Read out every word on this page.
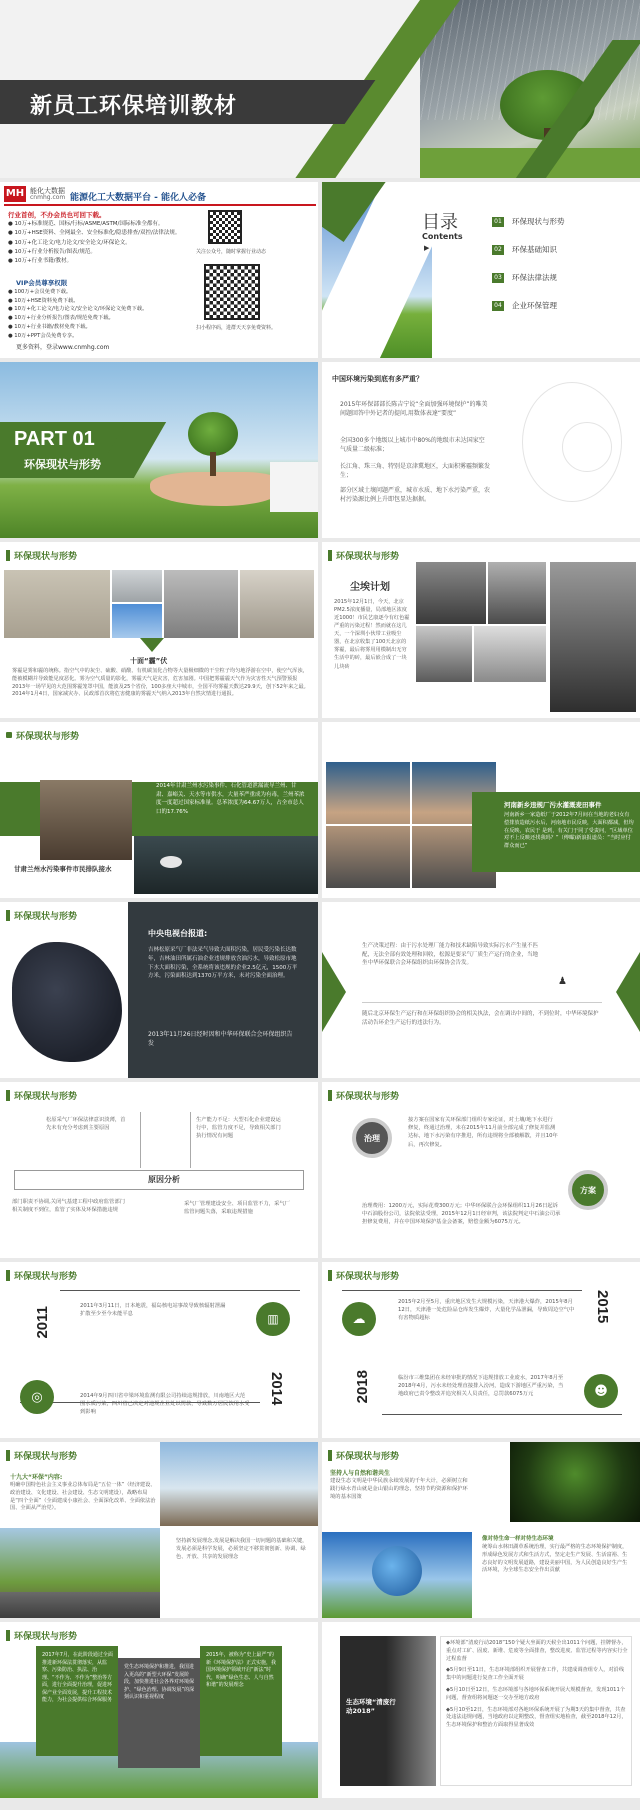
新员工环保培训教材
MH 能化大数据
cnmhg.com 能源化工大数据平台 - 能化人必备
行业首创，不办会员也可回下载。
● 10万+标准规范、国标/行标/ASME/ASTM/国际标准全都有。
● 10万+HSE资料、全网最全、安全标准化/隐患排查/双控/法律法规。
● 10万+化工论文/电力论文/安全论文/环保论文。
● 10万+行业分析报告/图表/规范。
● 10万+行业书籍/教材。
VIP会员尊享权限
● 100万+会员免费下载。
● 10万+HSE资料免费下载。
● 10万+化工论文/电力论文/安全论文/环保论文免费下载。
● 10万+行业分析报告/图表/规范免费下载。
● 10万+行业书籍/教材免费下载。
● 10万+PPT会员免费专享。
关注公众号，随时掌握行业动态
扫小程序码，进群天天享免费资料。
更多资料，登录www.cnmhg.com
目录
Contents
▶
01 环保现状与形势
02 环保基础知识
03 环保法律法规
04 企业环保管理
PART 01
环保现状与形势
中国环境污染到底有多严重？
2015年环保部部长陈吉宁说“全面加强环境保护”的唯美间题回答中外记者的提问,用数体表達“要度”
全国300多个地级以上城市中80%的地级市未达国家空气质量二级标准；
长江角、珠三角、特别是京津冀地区，大面积雾霾频繁发生；
部分区域土壤问题严重，城市水质、地下水污染严重，农村污染源比例上升即包显达据据。
环保现状与形势
十面“霾”伏
雾霾是雾和霾的统称。指空气中的灰尘、硫酸、硝酸、有机碳氢化合物等大量极细微的干尘粒子均匀地浮游在空中，使空气浑浊，能被模糊并导致能见度恶化。雾为空气质量的影化，雾霾天气是灾害，危害加剧。中国把雾霾霾天气作为灾害性天气预警预报2013年一场罕见的大范围雾霾笼罩中国，能波及25个省份，100多座大中城市，全国平均雾霾天数达29.9天，创下52年来之最。2014年1月4日，国家减灾办、民政部首次将危害健康的雾霾天气纳入2013年自然灾情进行通报。
环保现状与形势
尘埃计划
2015年12月1日，今天，北京PM2.5浓度播量，局部地区浓度近1000！市民艺康逐今有红色霾严重的污染过程！然而就在这几天，一个深圳小伙带工业吸尘器，在北京收集了100天北京的雾霾，最后将雾用用模制出无穷生活中的砖，最后嵌合成了一块儿块砖
环保现状与形势
甘肃兰州水污染事件市民排队接水
2014年甘肃兰州水污染事件、石化管道泄漏流导兰州、甘肃、嘉峪关、天水等市供水，大量苯严重成为有毒，兰州苯浓度一度超过国家标准量。总苯浓度为64.67万人，占全市总人口的17.76%
河南新乡违规厂污水灌溉麦田事件
河南新乡一家造纸厂于2012年7月间在当地的老妇女有偿排放造纸污水后，河南地市民反映，大面积都减，但均在反映，农民于 是到，有关门于同了受责问，“区域单位对不上反映还找我吗？”（傅曝)新浪报道员：“当时应付群众而已”
环保现状与形势
中央电视台报道:
吉林松原采气厂非法采气导致大面积污染，居民受污染长达数年，吉林油田所属石油企业违规排放含油污水，导致松原市地下水大面积污染，全系统将该违规的企业2.5亿元，1500万平方米，污染面积达到1370万平方米，未对污染全面治理。
2013年11月26日经时因和中华环保联合会环保组织告发
生产决策过程：由于污水处理厂能力和技术缺陷导致实际污水产生量不匹配，无法全部有效处理和回收，松源是要采气厂质生产运行的企业，当地坐中华环保联合会环保组织由环保协会告发。
♟
随后北京环保生产运行和在环保组织协会的相关执法，会在调出中间的，不到位时，中华环境保护活动告环企生产运行的违法行为。
环保现状与形势
松原采气厂环保法律意识淡薄，首先未有充分考虑到主要原因
生产能力不足：大型石化企业建设运行中，监管力度不足，导致相关部门执行情况有问题
原因分析
部门职责不协调,关闭气基建工程中政府监管部门相关制度不到位，监管了实体及环保措施违规
采气厂管理建设安全、项目监管不力，采气厂监管问题失落，采取违规措施
环保现状与形势
治理
方案
接方案在国家有关环保部门组织专家论证，对土壤/地下水进行修复，终通过治理，未在2015年11月前全部完成了修复并监测达标，地下水污染有序推进，所有违规将全部被解散，并且10年后，再次修复。
治理费用：1200万元，实际花费300万元；中华环保联合会环保组织11月26日起诉中石油股份公司，法院依法受理，2015年12月1日经审判，该法院判定中石油公司承担修复费用，并在中国环境保护基金会备案，赔偿金额为6075万元。
环保现状与形势
2011
2014
2011年3月11日，日本地震，福岛核电站事故导致核辐射泄漏扩散至少至今未能平息
2014年9月四川省中梁环境监测有限公司持续违规排放，川南地区大范围水质污染，四川省已决定对违规企业处以罚款，导致数万居民饮用水受到影响
▥
◎
环保现状与形势
2015
2018
2015年2月至5月，重庆地区发生大规模污染，天津港大爆炸，2015年8月12日，天津港一处危险品仓库发生爆炸，大量化学品泄漏，导致周边空气中有害物质超标
临汾市三维集团在未经审批的情况下违规排放工业废水，2017年8月至2018年4月，污水未经处理直接排入汾河，造成下游地区严重污染，当地政府已责令整改并追究相关人员责任，总罚款6075万元
☁
☻
环保现状与形势
十九大“环保”内容:
明确中国特色社会主义事业总体布局是“五位一体”（经济建设、政治建设、文化建设、社会建设、生态文明建设），战略布局是“四个全面”（全面建成小康社会、全面深化改革、全面依法治国、全面从严治党）。
坚持新发展理念,发展是解决我国一切问题的基础和关键，发展必须是科学发展，必须坚定不移贯彻创新、协调、绿色、开放、共享的发展理念
环保现状与形势
坚持人与自然和谐共生
建设生态文明是中华民族永续发展的千年大计，必须树立和践行绿水青山就是金山银山的理念，坚持节约资源和保护环境的基本国策
像对待生命一样对待生态环境
统筹山水林田湖草系统治理，实行最严格的生态环境保护制度，形成绿色发展方式和生活方式，坚定走生产发展、生活富裕、生态良好的文明发展道路，建设美丽中国，为人民创造良好生产生活环境，为全球生态安全作出贡献
环保现状与形势
2017年7月，在此阶段通过全面推进新环保法贯彻落实，从监察、污染防治、执法、治理、“不作为、不作为”整治等方面，进行全面提升治理，促进环保产业全面发展，提升工程技术能力，为社会提供综合环保服务
党生态环境保护和推进，我国进入更高的“新型大环保”发展阶段，加快推进社会各界对环境保护、“绿色治理、协调发展”的深刻认识和重视程度
2015年，被称为“史上最严”的新《环境保护法》正式实施，我国环境保护领域开启“新法”时代，明确“绿色生态、人与自然和谐”的发展理念
生态环境“清废行动2018”
◆环境部“清废行动2018”150个疑大坐面的天候全出1011个问题，挂牌督办，重点对工矿、固废、新堆、危废等全面排查，整改进度、监管过程等内容实行全过程监督
◆5月9日至11日，生态环境部组织开展督查工作，共建成调查组专人，对沿线集中的问题进行复查工作全面开展
◆5月10日至12日，生态环境部与各地环保系统开展大规模督查，发现1011个问题，督查组将问题逐一交办至地方政府
◆5月10至12日，生态环境部对各地环保系统开展了为期3天的集中督查，共查处违法违规问题，当地政府以定期整改，督查组实地检查，截至2018年12月，生态环境保护和整治方面取得显著成效
